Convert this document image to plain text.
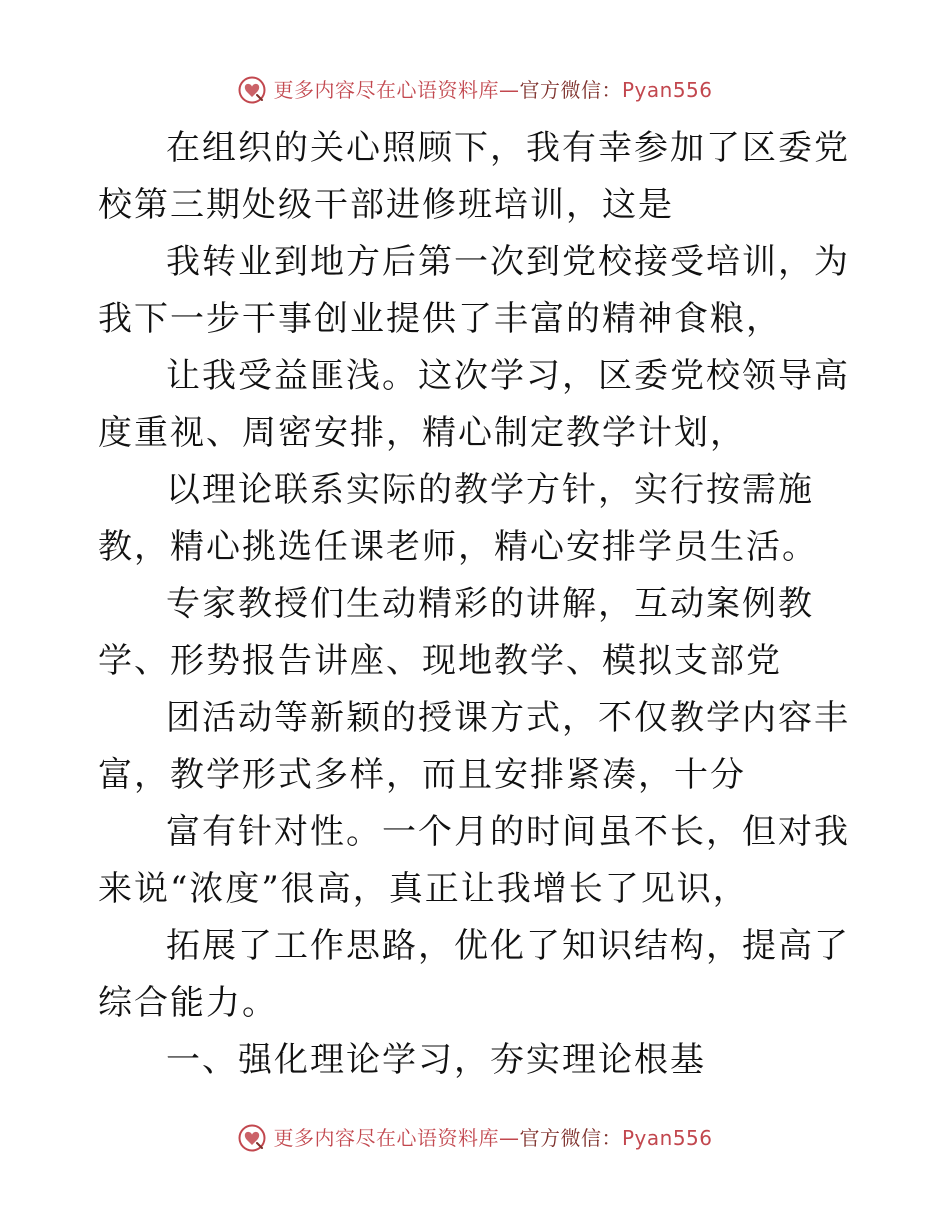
更多内容尽在心语资料库—官方微信：Pyan556

在组织的关心照顾下，我有幸参加了区委党校第三期处级干部进修班培训，这是

我转业到地方后第一次到党校接受培训，为我下一步干事创业提供了丰富的精神食粮，

让我受益匪浅。这次学习，区委党校领导高度重视、周密安排，精心制定教学计划，

以理论联系实际的教学方针，实行按需施教，精心挑选任课老师，精心安排学员生活。

专家教授们生动精彩的讲解，互动案例教学、形势报告讲座、现地教学、模拟支部党

团活动等新颖的授课方式，不仅教学内容丰富，教学形式多样，而且安排紧凑，十分

富有针对性。一个月的时间虽不长，但对我来说“浓度”很高，真正让我增长了见识，

拓展了工作思路，优化了知识结构，提高了综合能力。

一、强化理论学习，夯实理论根基

更多内容尽在心语资料库—官方微信：Pyan556
